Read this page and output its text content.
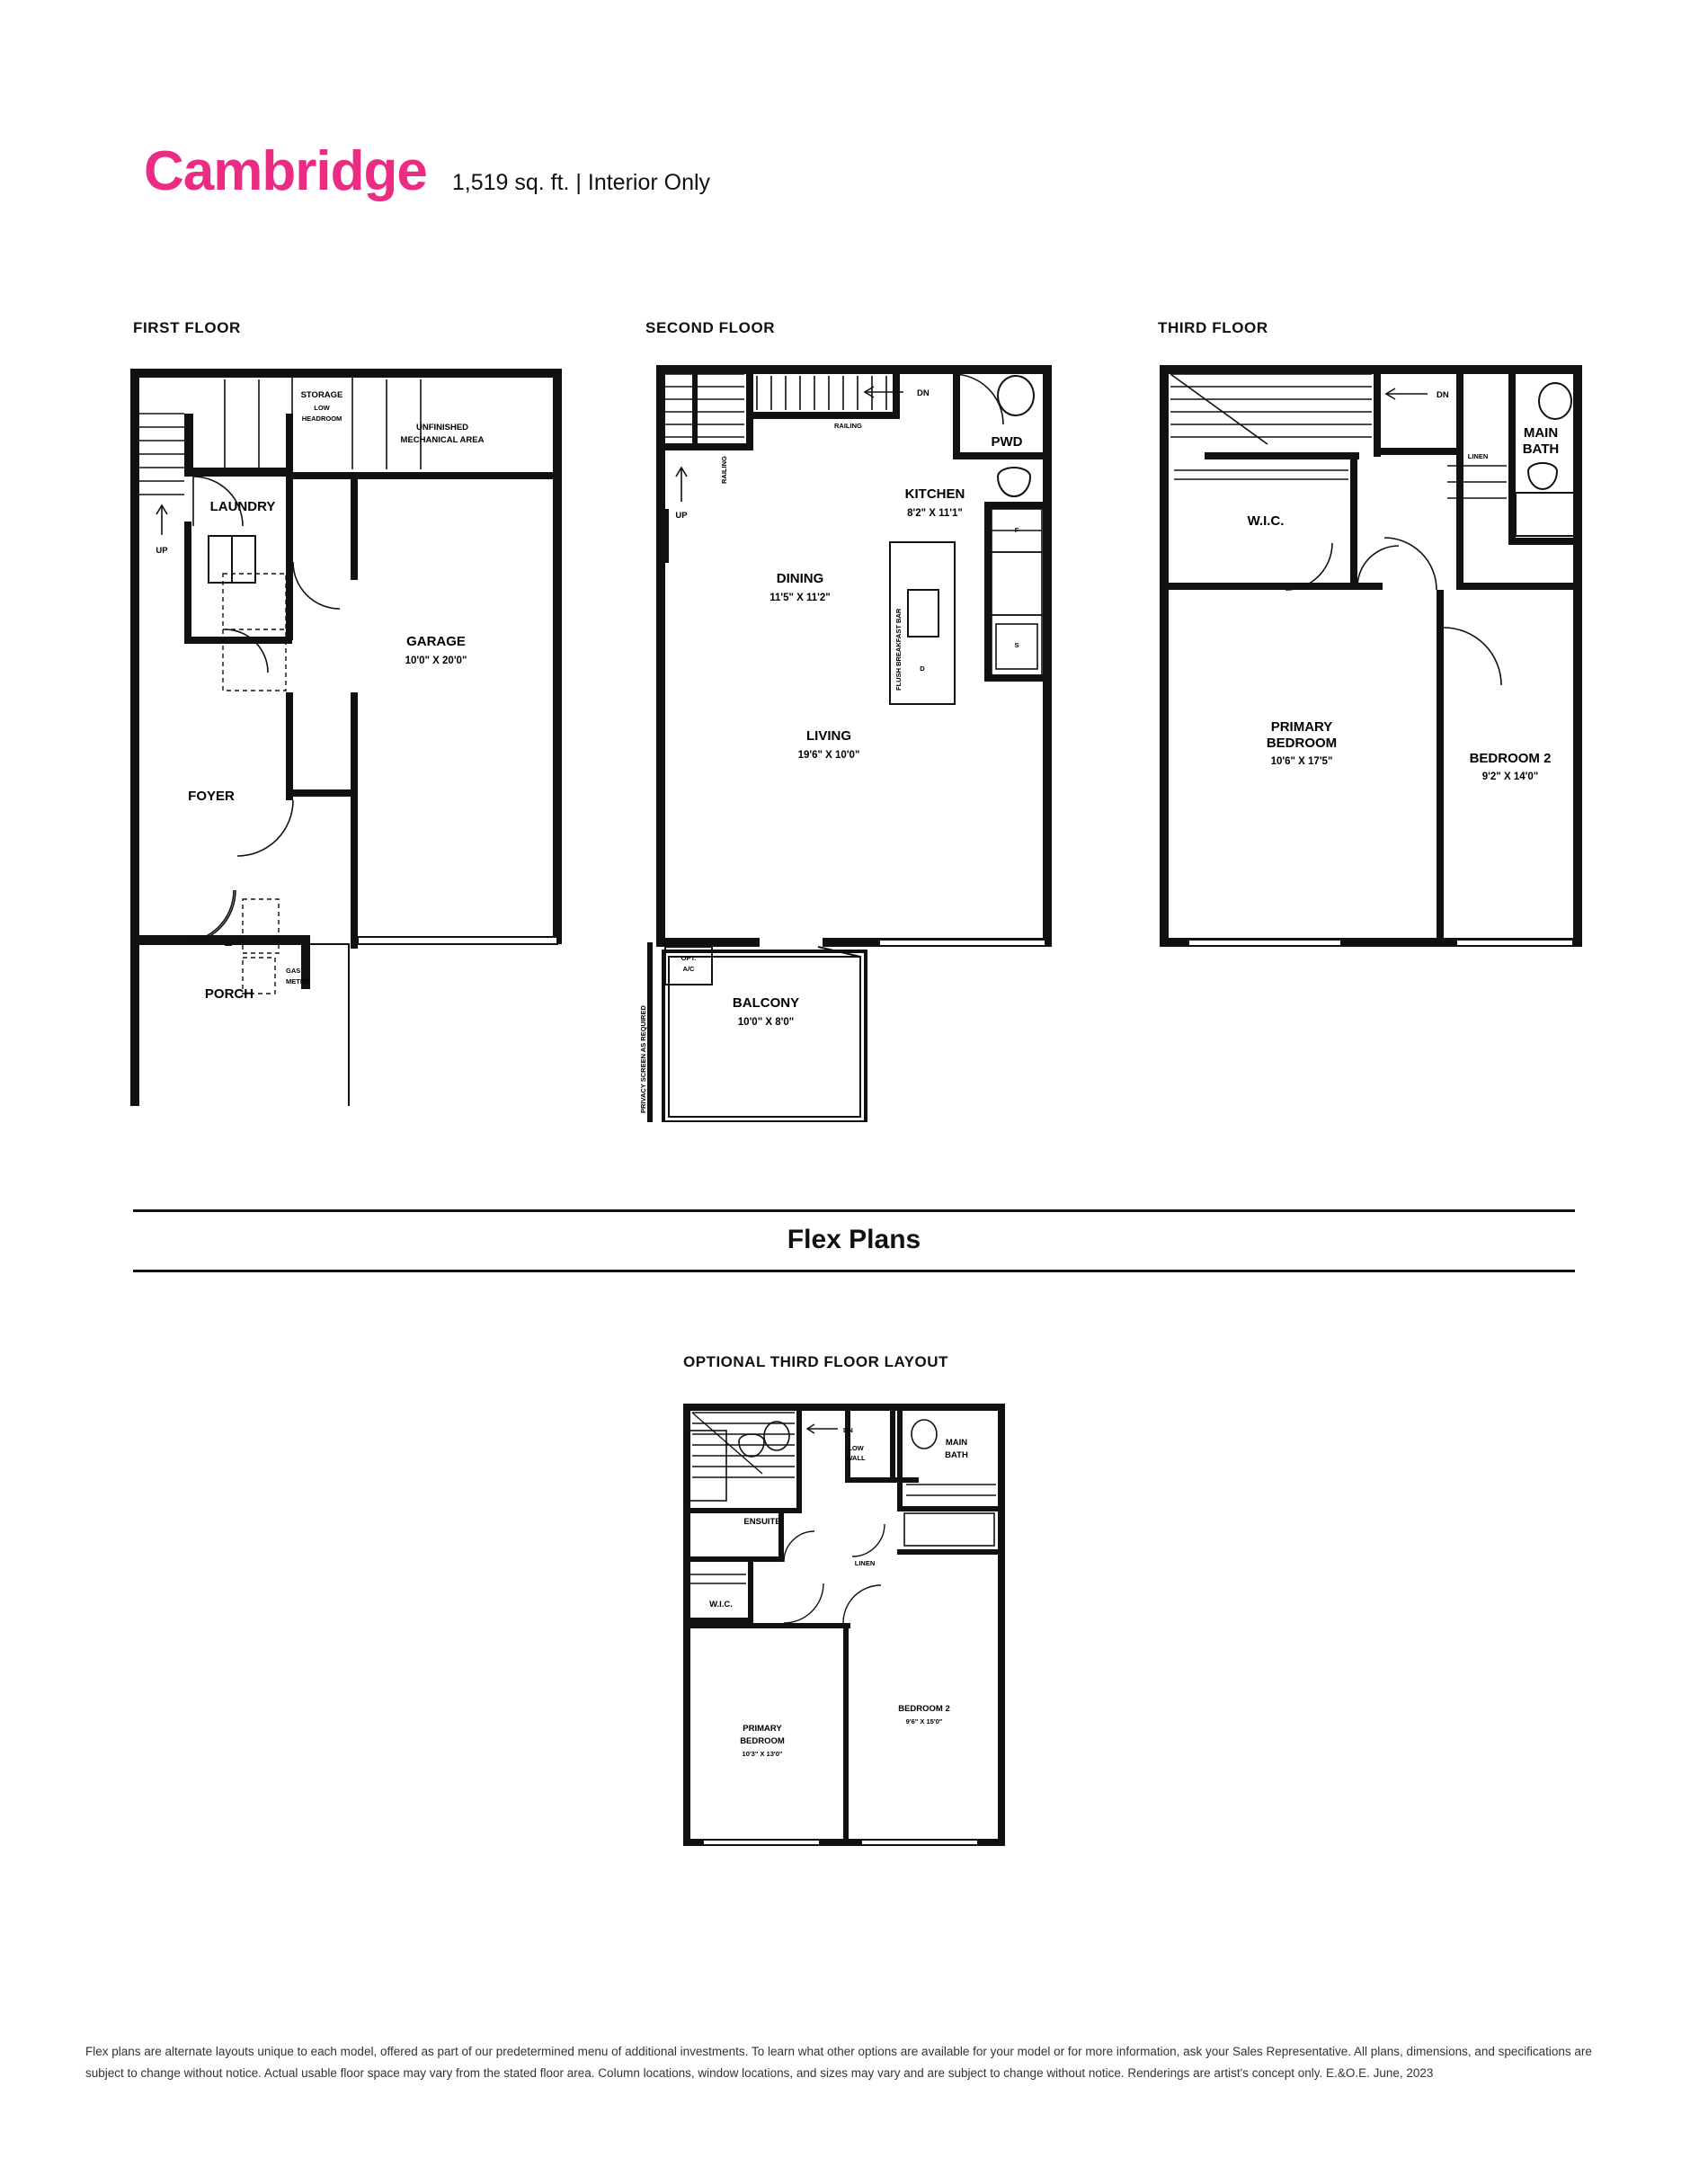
Cambridge 1,519 sq. ft. | Interior Only
FIRST FLOOR	SECOND FLOOR	THIRD FLOOR
UP
GAS
METER
STORAGE
LOW
HEADROOM
UNFINISHED
MECHANICAL AREA
LAUNDRY
GARAGE
10'0" X 20'0"
FOYER
PORCH
PRIVACY SCREEN AS REQUIRED
OPT.
A/C
DN
UP
RAILING
RAILING
PWD
F
S
KITCHEN
8'2" X 11'1"
FLUSH BREAKFAST BAR	D
DINING
11'5" X 11'2"
LIVING
19'6" X 10'0"
BALCONY
10'0" X 8'0"
DN
W.I.C.
LINEN
MAIN
BATH
PRIMARY
BEDROOM
10'6" X 17'5"	BEDROOM 2
9'2" X 14'0"
Flex Plans
OPTIONAL THIRD FLOOR LAYOUT
DN
LOW
WALL
ENSUITE
MAIN
BATH
LINEN
W.I.C.
PRIMARY
BEDROOM
10'3" X 13'0"
BEDROOM 2
9'6" X 15'0"
Flex plans are alternate layouts unique to each model, offered as part of our predetermined menu of additional investments. To learn what other options are available for your model or for more information, ask your Sales Representative. All plans, dimensions, and specifications are subject to change without notice. Actual usable floor space may vary from the stated floor area. Column locations, window locations, and sizes may vary and are subject to change without notice. Renderings are artist's concept only. E.&O.E. June, 2023
